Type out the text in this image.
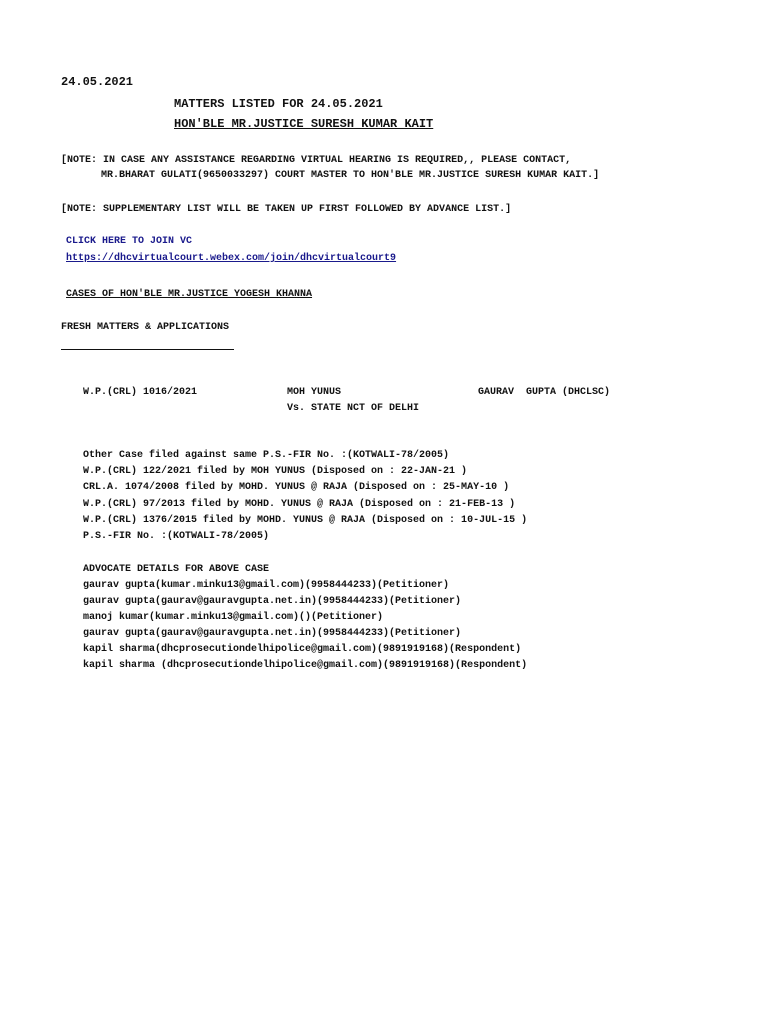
24.05.2021
MATTERS LISTED FOR 24.05.2021
HON'BLE MR.JUSTICE SURESH KUMAR KAIT
[NOTE: IN CASE ANY ASSISTANCE REGARDING VIRTUAL HEARING IS REQUIRED,, PLEASE CONTACT,
MR.BHARAT GULATI(9650033297) COURT MASTER TO HON'BLE MR.JUSTICE SURESH KUMAR KAIT.]
[NOTE: SUPPLEMENTARY LIST WILL BE TAKEN UP FIRST FOLLOWED BY ADVANCE LIST.]
CLICK HERE TO JOIN VC
https://dhcvirtualcourt.webex.com/join/dhcvirtualcourt9
CASES OF HON'BLE MR.JUSTICE YOGESH KHANNA
FRESH MATTERS & APPLICATIONS
W.P.(CRL) 1016/2021	MOH YUNUS	GAURAV  GUPTA (DHCLSC)
Vs. STATE NCT OF DELHI
Other Case filed against same P.S.-FIR No. :(KOTWALI-78/2005)
W.P.(CRL) 122/2021 filed by MOH YUNUS (Disposed on : 22-JAN-21 )
CRL.A. 1074/2008 filed by MOHD. YUNUS @ RAJA (Disposed on : 25-MAY-10 )
W.P.(CRL) 97/2013 filed by MOHD. YUNUS @ RAJA (Disposed on : 21-FEB-13 )
W.P.(CRL) 1376/2015 filed by MOHD. YUNUS @ RAJA (Disposed on : 10-JUL-15 )
P.S.-FIR No. :(KOTWALI-78/2005)
ADVOCATE DETAILS FOR ABOVE CASE
gaurav gupta(kumar.minku13@gmail.com)(9958444233)(Petitioner)
gaurav gupta(gaurav@gauravgupta.net.in)(9958444233)(Petitioner)
manoj kumar(kumar.minku13@gmail.com)()(Petitioner)
gaurav gupta(gaurav@gauravgupta.net.in)(9958444233)(Petitioner)
kapil sharma(dhcprosecutiondelhipolice@gmail.com)(9891919168)(Respondent)
kapil sharma (dhcprosecutiondelhipolice@gmail.com)(9891919168)(Respondent)
